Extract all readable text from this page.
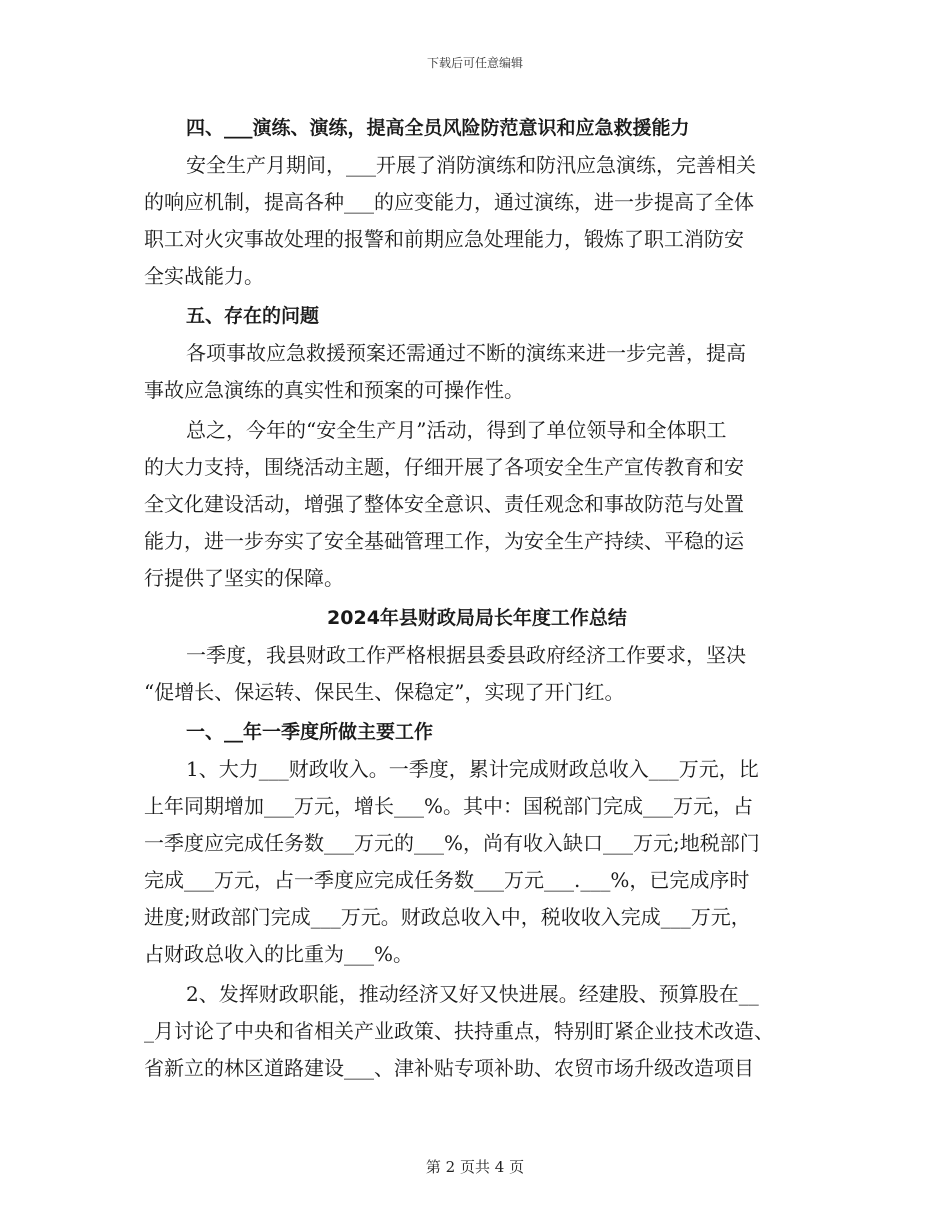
下载后可任意编辑
四、___演练、演练，提高全员风险防范意识和应急救援能力
安全生产月期间，___开展了消防演练和防汛应急演练，完善相关
的响应机制，提高各种___的应变能力，通过演练，进一步提高了全体
职工对火灾事故处理的报警和前期应急处理能力，锻炼了职工消防安
全实战能力。
五、存在的问题
各项事故应急救援预案还需通过不断的演练来进一步完善，提高
事故应急演练的真实性和预案的可操作性。
总之，今年的“安全生产月”活动，得到了单位领导和全体职工
的大力支持，围绕活动主题，仔细开展了各项安全生产宣传教育和安
全文化建设活动，增强了整体安全意识、责任观念和事故防范与处置
能力，进一步夯实了安全基础管理工作，为安全生产持续、平稳的运
行提供了坚实的保障。
2024年县财政局局长年度工作总结
一季度，我县财政工作严格根据县委县政府经济工作要求，坚决
“促增长、保运转、保民生、保稳定”，实现了开门红。
一、__年一季度所做主要工作
1、大力___财政收入。一季度，累计完成财政总收入___万元，比
上年同期增加___万元，增长___%。其中：国税部门完成___万元，占
一季度应完成任务数___万元的___%，尚有收入缺口___万元;地税部门
完成___万元，占一季度应完成任务数___万元___.___%，已完成序时
进度;财政部门完成___万元。财政总收入中，税收收入完成___万元，
占财政总收入的比重为___%。
2、发挥财政职能，推动经济又好又快进展。经建股、预算股在__
_月讨论了中央和省相关产业政策、扶持重点，特别盯紧企业技术改造、
省新立的林区道路建设___、津补贴专项补助、农贸市场升级改造项目
第 2 页共 4 页
